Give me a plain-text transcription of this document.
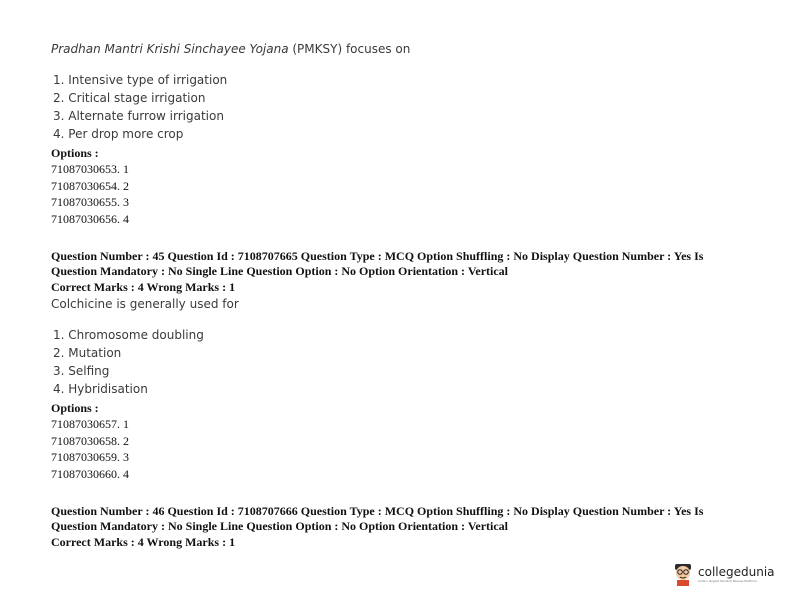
Pradhan Mantri Krishi Sinchayee Yojana (PMKSY) focuses on
1. Intensive type of irrigation
2. Critical stage irrigation
3. Alternate furrow irrigation
4. Per drop more crop
Options :
71087030653. 1
71087030654. 2
71087030655. 3
71087030656. 4
Question Number : 45 Question Id : 7108707665 Question Type : MCQ Option Shuffling : No Display Question Number : Yes Is Question Mandatory : No Single Line Question Option : No Option Orientation : Vertical
Correct Marks : 4 Wrong Marks : 1
Colchicine is generally used for
1. Chromosome doubling
2. Mutation
3. Selfing
4. Hybridisation
Options :
71087030657. 1
71087030658. 2
71087030659. 3
71087030660. 4
Question Number : 46 Question Id : 7108707666 Question Type : MCQ Option Shuffling : No Display Question Number : Yes Is Question Mandatory : No Single Line Question Option : No Option Orientation : Vertical
Correct Marks : 4 Wrong Marks : 1
collegedunia
India's largest Student Review Platform
